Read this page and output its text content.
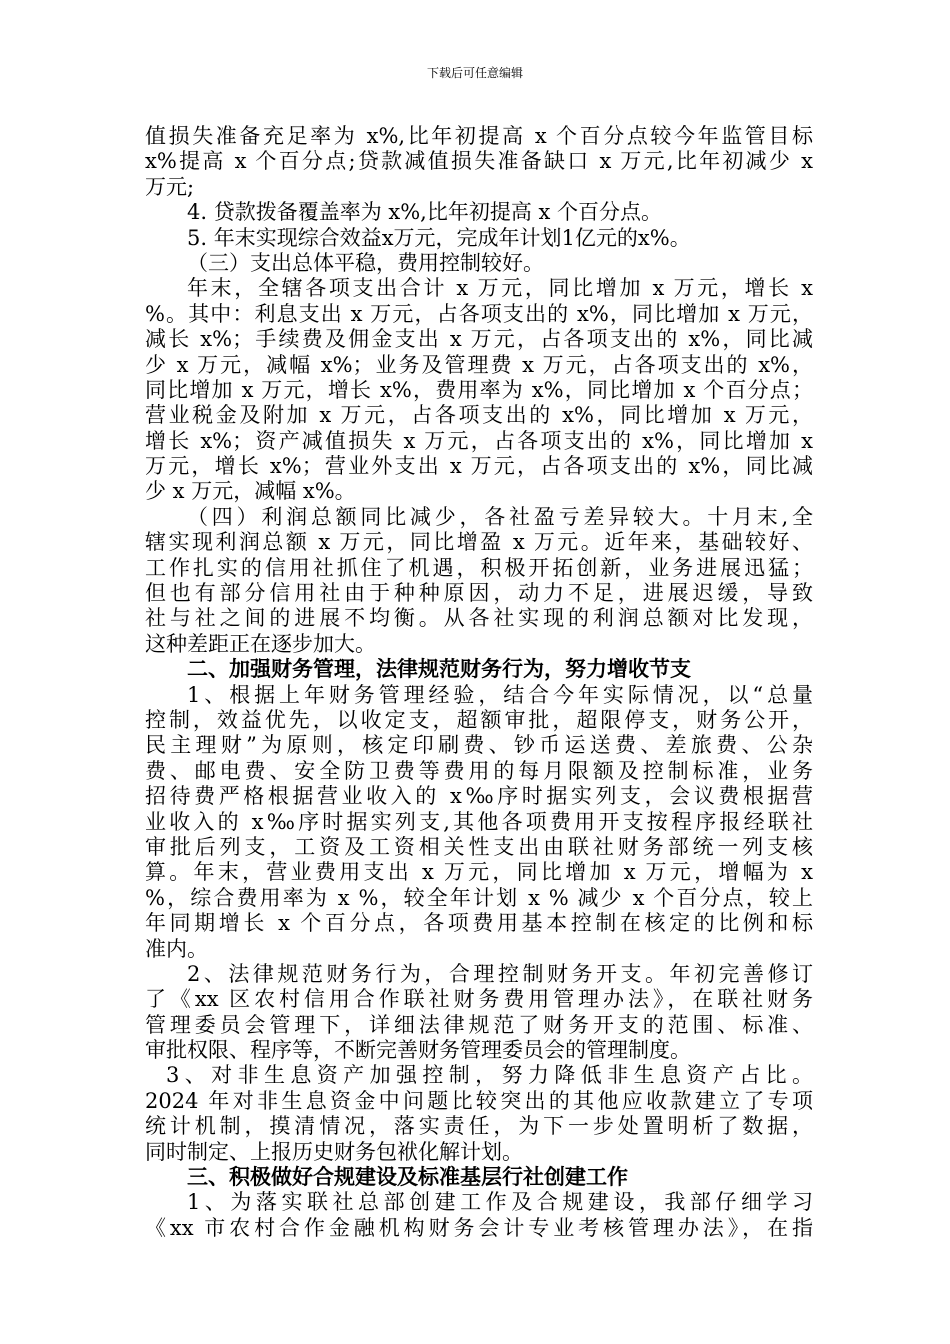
下载后可任意编辑
值损失准备充足率为 x%,比年初提高 x 个百分点较今年监管目标
x%提高 x 个百分点;贷款减值损失准备缺口 x 万元,比年初减少 x
万元;
4. 贷款拨备覆盖率为 x%,比年初提高 x 个百分点。
5. 年末实现综合效益x万元，完成年计划1亿元的x%。
（三）支出总体平稳，费用控制较好。
年末，全辖各项支出合计 x 万元，同比增加 x 万元，增长 x
%。其中：利息支出 x 万元，占各项支出的 x%，同比增加 x 万元，
减长 x%；手续费及佣金支出 x 万元，占各项支出的 x%，同比减
少 x 万元，减幅 x%；业务及管理费 x 万元，占各项支出的 x%，
同比增加 x 万元，增长 x%，费用率为 x%，同比增加 x 个百分点；
营业税金及附加 x 万元，占各项支出的 x%，同比增加 x 万元，
增长 x%；资产减值损失 x 万元，占各项支出的 x%，同比增加 x
万元，增长 x%；营业外支出 x 万元，占各项支出的 x%，同比减
少 x 万元，减幅 x%。
（四）利润总额同比减少，各社盈亏差异较大。十月末,全
辖实现利润总额 x 万元，同比增盈 x 万元。近年来，基础较好、
工作扎实的信用社抓住了机遇，积极开拓创新，业务进展迅猛；
但也有部分信用社由于种种原因，动力不足，进展迟缓，导致
社与社之间的进展不均衡。从各社实现的利润总额对比发现，
这种差距正在逐步加大。
二、加强财务管理，法律规范财务行为，努力增收节支
1、根据上年财务管理经验，结合今年实际情况，以“总量
控制，效益优先，以收定支，超额审批，超限停支，财务公开，
民主理财”为原则，核定印刷费、钞币运送费、差旅费、公杂
费、邮电费、安全防卫费等费用的每月限额及控制标准，业务
招待费严格根据营业收入的 x‰序时据实列支，会议费根据营
业收入的 x‰序时据实列支,其他各项费用开支按程序报经联社
审批后列支，工资及工资相关性支出由联社财务部统一列支核
算。年末，营业费用支出 x 万元，同比增加 x 万元，增幅为 x
%，综合费用率为 x %，较全年计划 x % 减少 x 个百分点，较上
年同期增长 x 个百分点，各项费用基本控制在核定的比例和标
准内。
2、法律规范财务行为，合理控制财务开支。年初完善修订
了《xx 区农村信用合作联社财务费用管理办法》，在联社财务
管理委员会管理下，详细法律规范了财务开支的范围、标准、
审批权限、程序等，不断完善财务管理委员会的管理制度。
3、对非生息资产加强控制，努力降低非生息资产占比。
2024 年对非生息资金中问题比较突出的其他应收款建立了专项
统计机制，摸清情况，落实责任，为下一步处置明析了数据，
同时制定、上报历史财务包袱化解计划。
三、积极做好合规建设及标准基层行社创建工作
1、为落实联社总部创建工作及合规建设，我部仔细学习
《xx 市农村合作金融机构财务会计专业考核管理办法》，在指
